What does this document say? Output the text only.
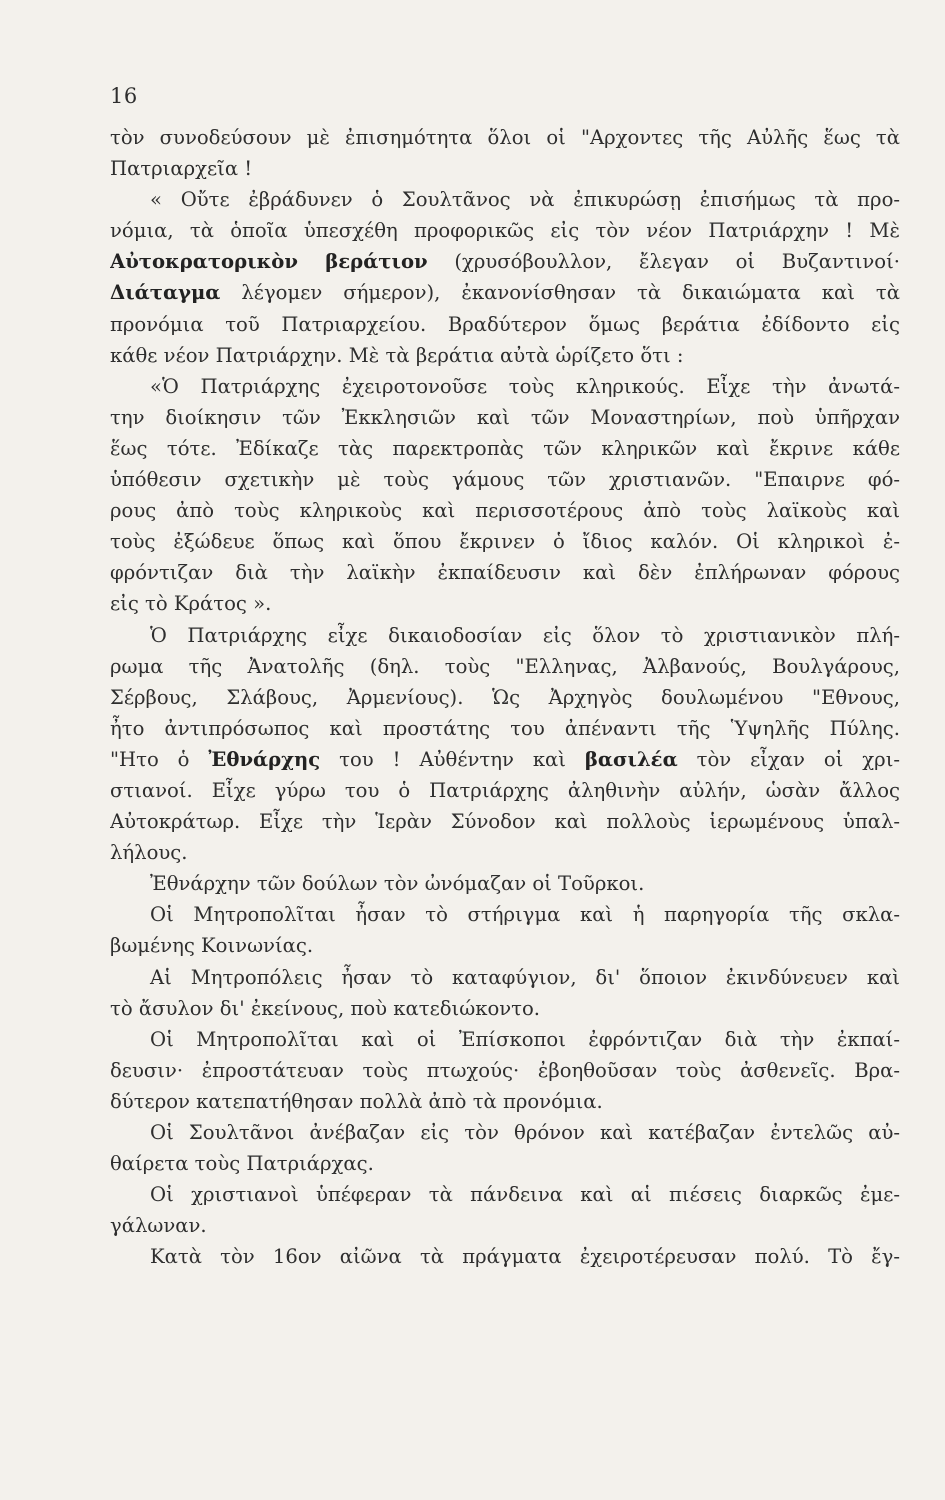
16
τὸν συνοδεύσουν μὲ ἐπισημότητα ὅλοι οἱ "Αρχοντες τῆς Αὐλῆς ἕως τὰ
Πατριαρχεῖα !
« Οὔτε ἐβράδυνεν ὁ Σουλτᾶνος νὰ ἐπικυρώσῃ ἐπισήμως τὰ προ-
νόμια, τὰ ὁποῖα ὑπεσχέθη προφορικῶς εἰς τὸν νέον Πατριάρχην ! Μὲ
Αὐτοκρατορικὸν βεράτιον (χρυσόβουλλον, ἔλεγαν οἱ Βυζαντινοί·
Διάταγμα λέγομεν σήμερον), ἐκανονίσθησαν τὰ δικαιώματα καὶ τὰ
προνόμια τοῦ Πατριαρχείου. Βραδύτερον ὅμως βεράτια ἐδίδοντο εἰς
κάθε νέον Πατριάρχην. Μὲ τὰ βεράτια αὐτὰ ὡρίζετο ὅτι :
«Ὁ Πατριάρχης ἐχειροτονοῦσε τοὺς κληρικούς. Εἶχε τὴν ἀνωτά-
την διοίκησιν τῶν Ἐκκλησιῶν καὶ τῶν Μοναστηρίων, ποὺ ὑπῆρχαν
ἕως τότε. Ἐδίκαζε τὰς παρεκτροπὰς τῶν κληρικῶν καὶ ἔκρινε κάθε
ὑπόθεσιν σχετικὴν μὲ τοὺς γάμους τῶν χριστιανῶν. "Επαιρνε φό-
ρους ἀπὸ τοὺς κληρικοὺς καὶ περισσοτέρους ἀπὸ τοὺς λαϊκοὺς καὶ
τοὺς ἐξώδευε ὅπως καὶ ὅπου ἔκρινεν ὁ ἴδιος καλόν. Οἱ κληρικοὶ ἐ-
φρόντιζαν διὰ τὴν λαϊκὴν ἐκπαίδευσιν καὶ δὲν ἐπλήρωναν φόρους
εἰς τὸ Κράτος ».
Ὁ Πατριάρχης εἶχε δικαιοδοσίαν εἰς ὅλον τὸ χριστιανικὸν πλή-
ρωμα τῆς Ἀνατολῆς (δηλ. τοὺς "Ελληνας, Ἀλβανούς, Βουλγάρους,
Σέρβους, Σλάβους, Ἀρμενίους). Ὡς Ἀρχηγὸς δουλωμένου "Εθνους,
ἦτο ἀντιπρόσωπος καὶ προστάτης του ἀπέναντι τῆς Ὑψηλῆς Πύλης.
"Ητο ὁ Ἐθνάρχης του ! Αὐθέντην καὶ βασιλέα τὸν εἶχαν οἱ χρι-
στιανοί. Εἶχε γύρω του ὁ Πατριάρχης ἀληθινὴν αὐλήν, ὡσὰν ἄλλος
Αὐτοκράτωρ. Εἶχε τὴν Ἱερὰν Σύνοδον καὶ πολλοὺς ἱερωμένους ὑπαλ-
λήλους.
Ἐθνάρχην τῶν δούλων τὸν ὠνόμαζαν οἱ Τοῦρκοι.
Οἱ Μητροπολῖται ἦσαν τὸ στήριγμα καὶ ἡ παρηγορία τῆς σκλα-
βωμένης Κοινωνίας.
Αἱ Μητροπόλεις ἦσαν τὸ καταφύγιον, δι' ὅποιον ἐκινδύνευεν καὶ
τὸ ἄσυλον δι' ἐκείνους, ποὺ κατεδιώκοντο.
Οἱ Μητροπολῖται καὶ οἱ Ἐπίσκοποι ἐφρόντιζαν διὰ τὴν ἐκπαί-
δευσιν· ἐπροστάτευαν τοὺς πτωχούς· ἐβοηθοῦσαν τοὺς ἀσθενεῖς. Βρα-
δύτερον κατεπατήθησαν πολλὰ ἀπὸ τὰ προνόμια.
Οἱ Σουλτᾶνοι ἀνέβαζαν εἰς τὸν θρόνον καὶ κατέβαζαν ἐντελῶς αὐ-
θαίρετα τοὺς Πατριάρχας.
Οἱ χριστιανοὶ ὑπέφεραν τὰ πάνδεινα καὶ αἱ πιέσεις διαρκῶς ἐμε-
γάλωναν.
Κατὰ τὸν 16ον αἰῶνα τὰ πράγματα ἐχειροτέρευσαν πολύ. Τὸ ἔγ-
